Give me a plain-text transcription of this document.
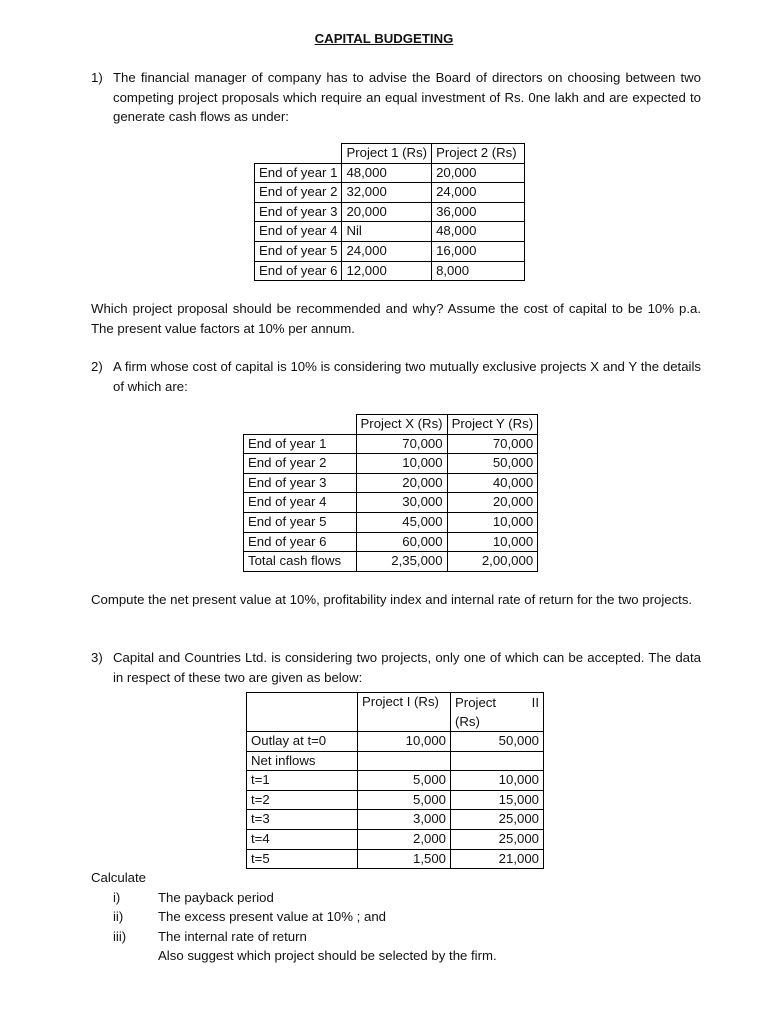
CAPITAL BUDGETING
1) The financial manager of company has to advise the Board of directors on choosing between two competing project proposals which require an equal investment of Rs. 0ne lakh and are expected to generate cash flows as under:
	Project 1 (Rs)	Project 2 (Rs)
End of year 1	48,000	20,000
End of year 2	32,000	24,000
End of year 3	20,000	36,000
End of year 4	Nil	48,000
End of year 5	24,000	16,000
End of year 6	12,000	8,000
Which project proposal should be recommended and why? Assume the cost of capital to be 10% p.a. The present value factors at 10% per annum.
2) A firm whose cost of capital is 10% is considering two mutually exclusive projects X and Y the details of which are:
	Project X (Rs)	Project Y (Rs)
End of year 1	70,000	70,000
End of year 2	10,000	50,000
End of year 3	20,000	40,000
End of year 4	30,000	20,000
End of year 5	45,000	10,000
End of year 6	60,000	10,000
Total cash flows	2,35,000	2,00,000
Compute the net present value at 10%, profitability index and internal rate of return for the two projects.
3) Capital and Countries Ltd. is considering two projects, only one of which can be accepted. The data in respect of these two are given as below:
	Project I (Rs)	Project II
(Rs)

Outlay at t=0	10,000	50,000
Net inflows		
t=1	5,000	10,000
t=2	5,000	15,000
t=3	3,000	25,000
t=4	2,000	25,000
t=5	1,500	21,000
Calculate
i)	The payback period
ii)	The excess present value at 10% ; and
iii) The internal rate of return
Also suggest which project should be selected by the firm.
